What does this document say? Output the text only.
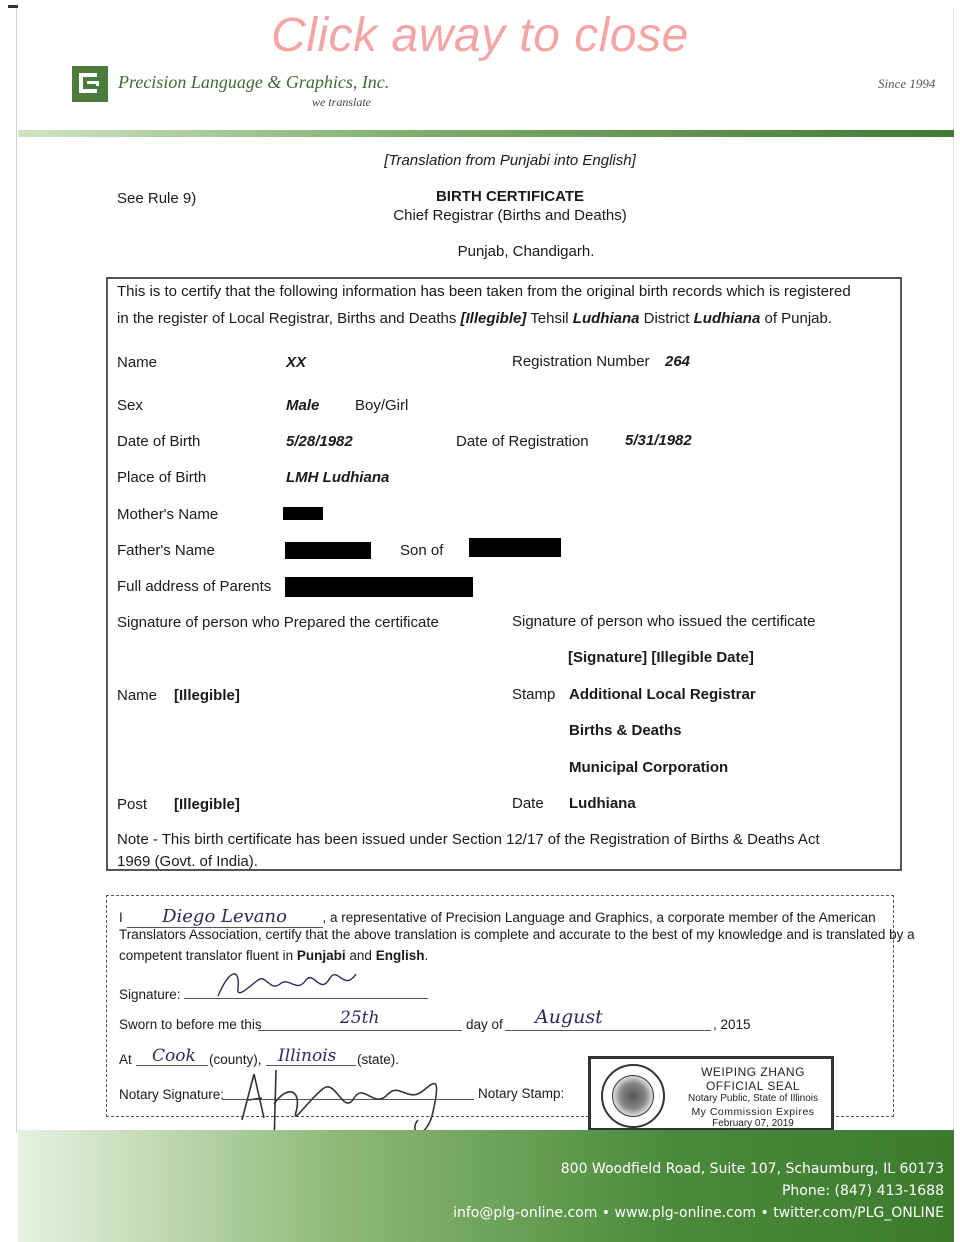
Precision Language & Graphics, Inc.
we translate
Since 1994
[Translation from Punjabi into English]
See Rule 9)	BIRTH CERTIFICATE
Chief Registrar (Births and Deaths)
Punjab, Chandigarh.
This is to certify that the following information has been taken from the original birth records which is registered
in the register of Local Registrar, Births and Deaths [Illegible] Tehsil Ludhiana District Ludhiana of Punjab.
Name	XX	Registration Number 264
Sex	Male Boy/Girl
Date of Birth	5/28/1982	Date of Registration 5/31/1982
Place of Birth	LMH Ludhiana
Mother's Name
Father's Name	Son of
Full address of Parents
Signature of person who Prepared the certificate	Signature of person who issued the certificate
[Signature] [Illegible Date]
Name [Illegible]	Stamp Additional Local Registrar
Births & Deaths
Municipal Corporation
Post [Illegible]	Date Ludhiana
Note - This birth certificate has been issued under Section 12/17 of the Registration of Births & Deaths Act
1969 (Govt. of India).
I Diego Levano	, a representative of Precision Language and Graphics, a corporate member of the American
Translators Association, certify that the above translation is complete and accurate to the best of my knowledge and is translated by a
competent translator fluent in Punjabi and English.
Signature:
Sworn to before me this	25th	day of August	, 2015
At Cook (county), Illinois (state).
Notary Signature:	Notary Stamp:
WEIPING ZHANG
OFFICIAL SEAL
Notary Public, State of Illinois
My Commission Expires
February 07, 2019
800 Woodfield Road, Suite 107, Schaumburg, IL 60173
Phone: (847) 413-1688
info@plg-online.com • www.plg-online.com • twitter.com/PLG_ONLINE
Click away to close
